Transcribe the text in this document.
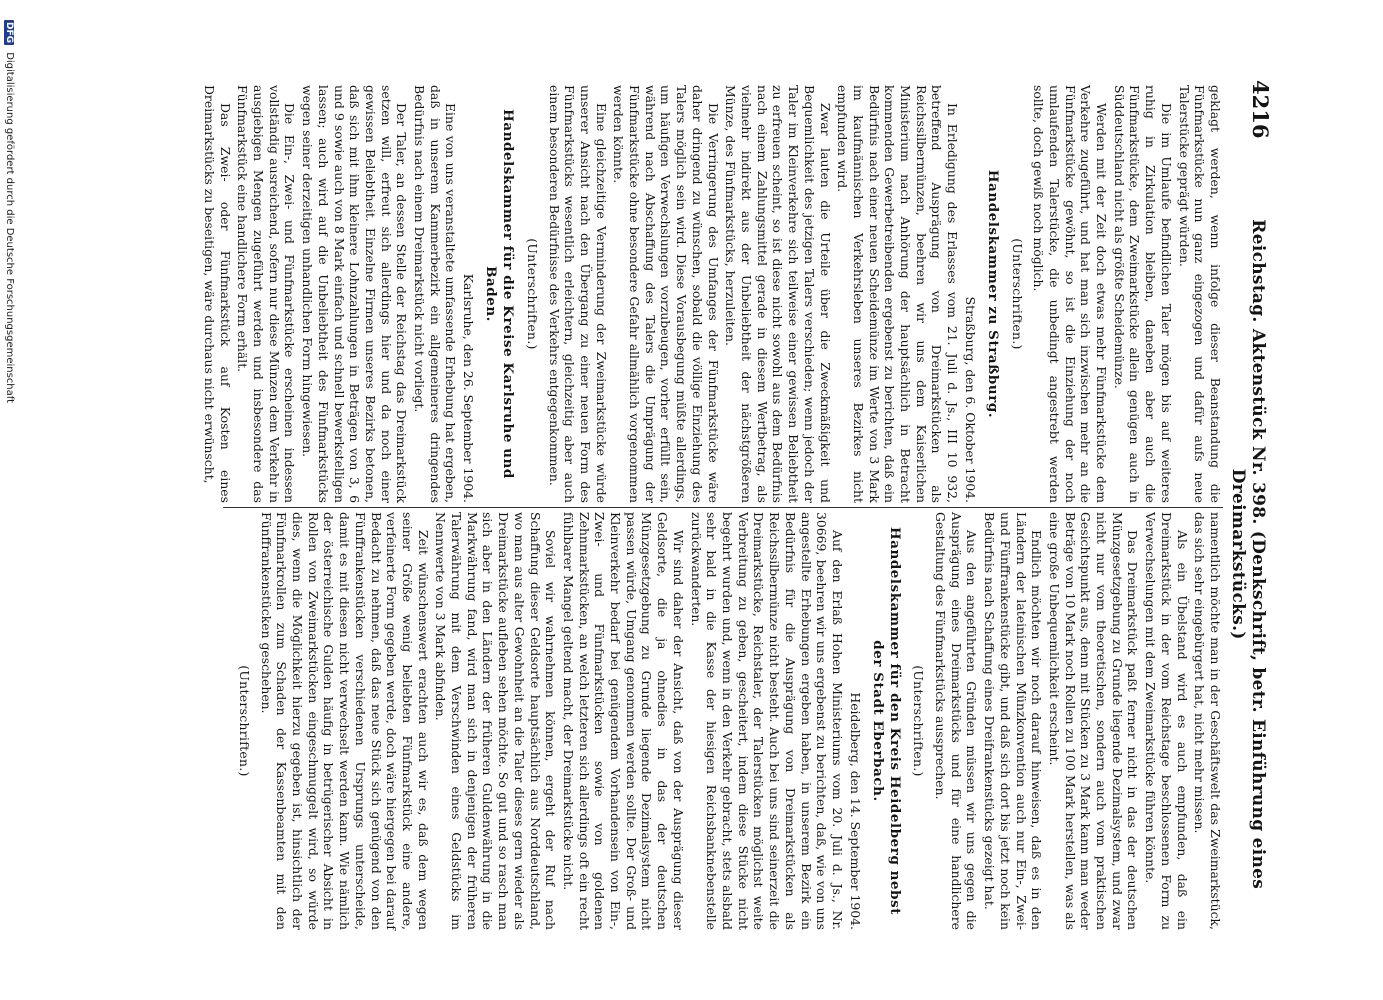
4216
Reichstag. Aktenstück Nr. 398. (Denkschrift, betr. Einführung eines Dreimarkstücks.)

geklagt werden, wenn infolge dieser Beanstandung die Fünfmarkstücke nun ganz eingezogen und dafür aufs neue Talerstücke geprägt würden.

Die im Umlaufe befindlichen Taler mögen bis auf weiteres ruhig in Zirkulation bleiben, daneben aber auch die Fünfmarkstücke, dem Zweimarkstücke allein genügen auch in Süddeutschland nicht als größte Scheidemünze.

Werden mit der Zeit doch etwas mehr Fünfmarkstücke dem Verkehre zugeführt, und hat man sich inzwischen mehr an die Fünfmarkstücke gewöhnt, so ist die Einziehung der noch umlaufenden Talerstücke, die unbedingt angestrebt werden sollte, doch gewiß noch möglich.

(Unterschriften.)

Handelskammer zu Straßburg.

Straßburg, den 6. Oktober 1904.

In Erledigung des Erlasses vom 21. Juli d. Js., III 10 932, betreffend Ausprägung von Dreimarkstücken als Reichssilbermünzen, beehren wir uns dem Kaiserlichen Ministerium nach Anhörung der hauptsächlich in Betracht kommenden Gewerbetreibenden ergebenst zu berichten, daß ein Bedürfnis nach einer neuen Scheidemünze im Werte von 3 Mark im kaufmännischen Verkehrsleben unseres Bezirkes nicht empfunden wird.

Zwar lauten die Urteile über die Zweckmäßigkeit und Bequemlichkeit des jetzigen Talers verschieden; wenn jedoch der Taler im Kleinverkehre sich teilweise einer gewissen Beliebtheit zu erfreuen scheint, so ist diese nicht sowohl aus dem Bedürfnis nach einem Zahlungsmittel gerade in diesem Wertbetrag, als vielmehr indirekt aus der Unbeliebtheit der nächstgrößeren Münze, des Fünfmarkstücks, herzuleiten.

Die Verringerung des Umfanges der Fünfmarkstücke wäre daher dringend zu wünschen, sobald die völlige Einziehung des Talers möglich sein wird. Diese Vorausbegung müßte allerdings, um häufigen Verwechslungen vorzubeugen, vorher erfüllt sein, während nach Abschaffung des Talers die Umprägung der Fünfmarkstücke ohne besondere Gefahr allmählich vorgenommen werden könnte.

Eine gleichzeitige Verminderung der Zweimarkstücke würde unserer Ansicht nach den Übergang zu einer neuen Form des Fünfmarkstücks wesentlich erleichtern, gleichzeitig aber auch einem besonderen Bedürfnisse des Verkehrs entgegenkommen.

(Unterschriften.)

Handelskammer für die Kreise Karlsruhe und Baden.

Karlsruhe, den 26. September 1904.

Eine von uns veranstaltete umfassende Erhebung hat ergeben, daß in unserem Kammerbezirk ein allgemeineres dringendes Bedürfnis nach einem Dreimarkstück nicht vorliegt.

Der Taler, an dessen Stelle der Reichstag das Dreimarkstück setzen will, erfreut sich allerdings hier und da noch einer gewissen Beliebtheit. Einzelne Firmen unseres Bezirks betonen, daß sich mit ihm kleinere Lohnzahlungen in Beträgen von 3, 6 und 9 sowie auch von 8 Mark einfach und schnell bewerkstelligen lassen; auch wird auf die Unbeliebtheit des Fünfmarkstücks wegen seiner derzeitigen unhandlichen Form hingewiesen.

Die Ein-, Zwei- und Fünfmarkstücke erscheinen indessen vollständig ausreichend, sofern nur diese Münzen dem Verkehr in ausgiebigen Mengen zugeführt werden und insbesondere das Fünfmarkstück eine handlichere Form erhält.

Das Zwei- oder Fünfmarkstück auf Kosten eines Dreimarkstücks zu beseitigen, wäre durchaus nicht erwünscht,

namentlich möchte man in der Geschäftswelt das Zweimarkstück, das sich sehr eingebürgert hat, nicht mehr missen.

Als ein Übelstand wird es auch empfunden, daß ein Dreimarkstück in der vom Reichstage beschlossenen Form zu Verwechselungen mit dem Zweimarkstücke führen könnte.

Das Dreimarkstück paßt ferner nicht in das der deutschen Münzgesetzgebung zu Grunde liegende Dezimalsystem, und zwar nicht nur vom theoretischen, sondern auch vom praktischen Gesichtspunkt aus, denn mit Stücken zu 3 Mark kann man weder Beträge von 10 Mark noch Rollen zu 100 Mark herstellen, was als eine große Unbequemlichkeit erscheint.

Endlich möchten wir noch darauf hinweisen, daß es in den Ländern der lateinischen Münzkonvention auch nur Ein-, Zwei- und Fünffrankenstücke gibt, und daß sich dort bis jetzt noch kein Bedürfnis nach Schaffung eines Dreifrankenstücks gezeigt hat.

Aus den angeführten Gründen müssen wir uns gegen die Ausprägung eines Dreimarkstücks und für eine handlichere Gestaltung des Fünfmarkstücks aussprechen.

(Unterschriften.)

Handelskammer für den Kreis Heidelberg nebst der Stadt Eberbach.

Heidelberg, den 14. September 1904.

Auf den Erlaß Hohen Ministeriums vom 20. Juli d. Js., Nr. 30669, beehren wir uns ergebenst zu berichten, daß, wie von uns angestellte Erhebungen ergeben haben, in unserem Bezirk ein Bedürfnis für die Ausprägung von Dreimarkstücken als Reichssilbermünze nicht besteht. Auch bei uns sind seinerzeit die Dreimarkstücke, Reichstaler, der Talerstücken möglichst weite Verbreitung zu geben, gescheitert, indem diese Stücke nicht begehrt wurden und, wenn in den Verkehr gebracht, stets alsbald sehr bald in die Kasse der hiesigen Reichsbanknebenstelle zurückwanderten.

Wir sind daher der Ansicht, daß von der Ausprägung dieser Geldsorte, die ja ohnedies in das der deutschen Münzgesetzgebung zu Grunde liegende Dezimalsystem nicht passen würde, Umgang genommen werden sollte. Der Groß- und Kleinverkehr bedarf bei genügendem Vorhandensein von Ein-, Zwei- und Fünfmarkstücken sowie von goldenen Zehnmarkstücken, an welch letzteren sich allerdings oft ein recht fühlbarer Mangel geltend macht, der Dreimarkstücke nicht.

Soviel wir wahrnehmen können, ergeht der Ruf nach Schaffung dieser Geldsorte hauptsächlich aus Norddeutschland, wo man aus alter Gewohnheit an die Taler dieses gern wieder als Dreimarkstücke aufleben sehen möchte. So gut und so rasch man sich aber in den Ländern der früheren Guldenwährung in die Markwährung fand, wird man sich in denjenigen der früheren Talerwährung mit dem Verschwinden eines Geldstücks im Nennwerte von 3 Mark abfinden.

Zeit wünschenswert erachten auch wir es, daß dem wegen seiner Größe wenig beliebten Fünfmarkstück eine andere, verfeinerte Form gegeben werde, doch wäre hiergegen bei darauf Bedacht zu nehmen, daß das neue Stück sich genügend von den Fünffrankenstücken verschiedenen Ursprungs unterscheide, damit es mit diesen nicht verwechselt werden kann. Wie nämlich der österreichische Gulden häufig in betrügerischer Absicht in Rollen von Zweimarkstücken eingeschmuggelt wird, so würde dies, wenn die Möglichkeit hierzu gegeben ist, hinsichtlich der Fünfmarkrollen zum Schaden der Kassenbeamten mit den Fünffrankenstücken geschehen.

(Unterschriften.)

DFG Digitalisierung gefördert durch die Deutsche Forschungsgemeinschaft
